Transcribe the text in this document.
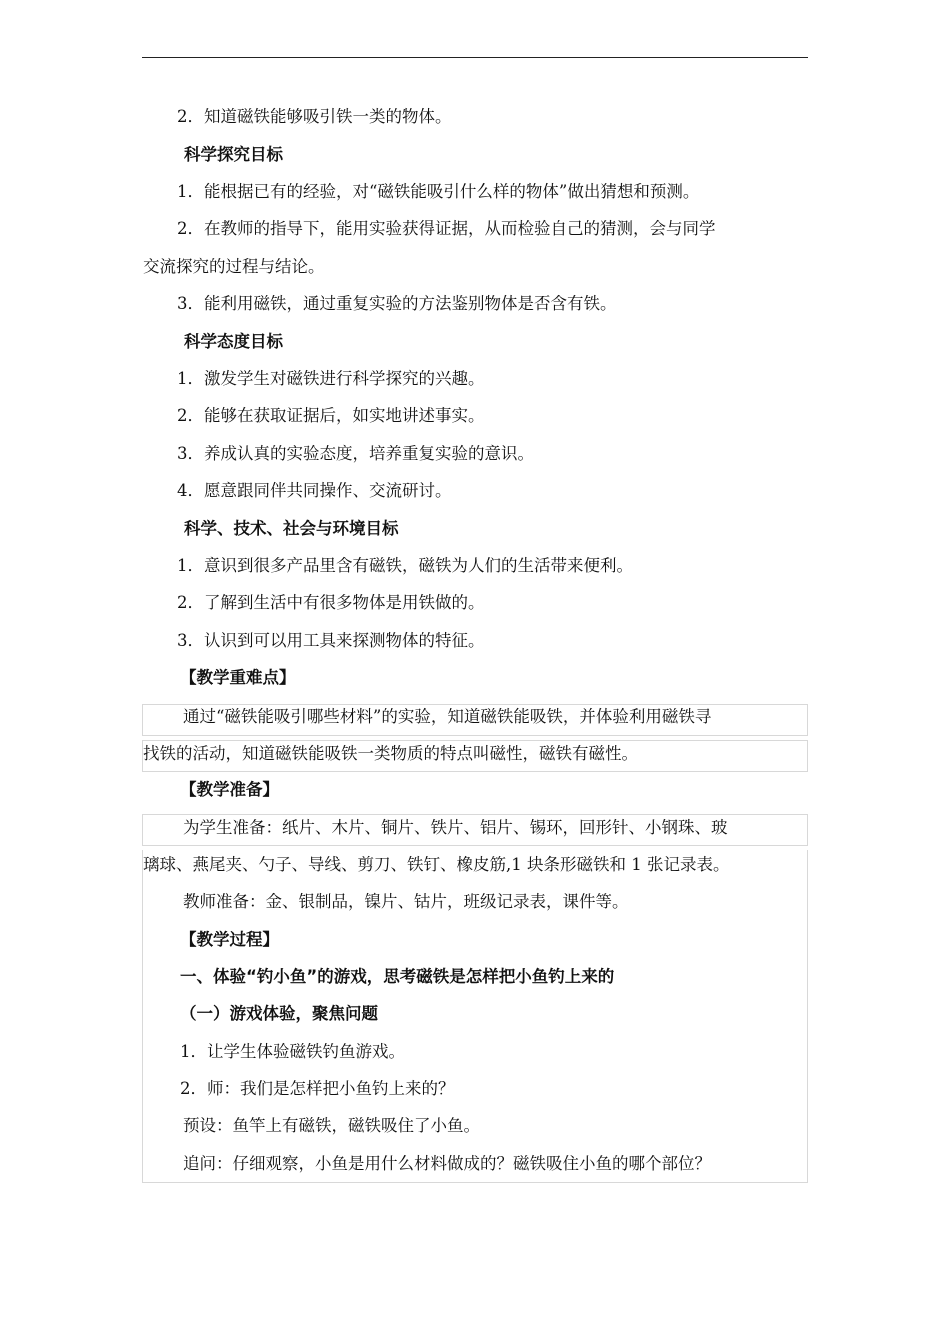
2．知道磁铁能够吸引铁一类的物体。
科学探究目标
1．能根据已有的经验，对“磁铁能吸引什么样的物体”做出猜想和预测。
2．在教师的指导下，能用实验获得证据，从而检验自己的猜测，会与同学
交流探究的过程与结论。
3．能利用磁铁，通过重复实验的方法鉴别物体是否含有铁。
科学态度目标
1．激发学生对磁铁进行科学探究的兴趣。
2．能够在获取证据后，如实地讲述事实。
3．养成认真的实验态度，培养重复实验的意识。
4．愿意跟同伴共同操作、交流研讨。
科学、技术、社会与环境目标
1．意识到很多产品里含有磁铁，磁铁为人们的生活带来便利。
2．了解到生活中有很多物体是用铁做的。
3．认识到可以用工具来探测物体的特征。
【教学重难点】
通过“磁铁能吸引哪些材料”的实验，知道磁铁能吸铁，并体验利用磁铁寻
找铁的活动，知道磁铁能吸铁一类物质的特点叫磁性，磁铁有磁性。
【教学准备】
为学生准备：纸片、木片、铜片、铁片、铝片、锡环，回形针、小钢珠、玻
璃球、燕尾夹、勺子、导线、剪刀、铁钉、橡皮筋,1 块条形磁铁和 1 张记录表。
教师准备：金、银制品，镍片、钴片，班级记录表，课件等。
【教学过程】
一、体验“钓小鱼”的游戏，思考磁铁是怎样把小鱼钓上来的
（一）游戏体验，聚焦问题
1．让学生体验磁铁钓鱼游戏。
2．师：我们是怎样把小鱼钓上来的？
预设：鱼竿上有磁铁，磁铁吸住了小鱼。
追问：仔细观察，小鱼是用什么材料做成的？磁铁吸住小鱼的哪个部位？
